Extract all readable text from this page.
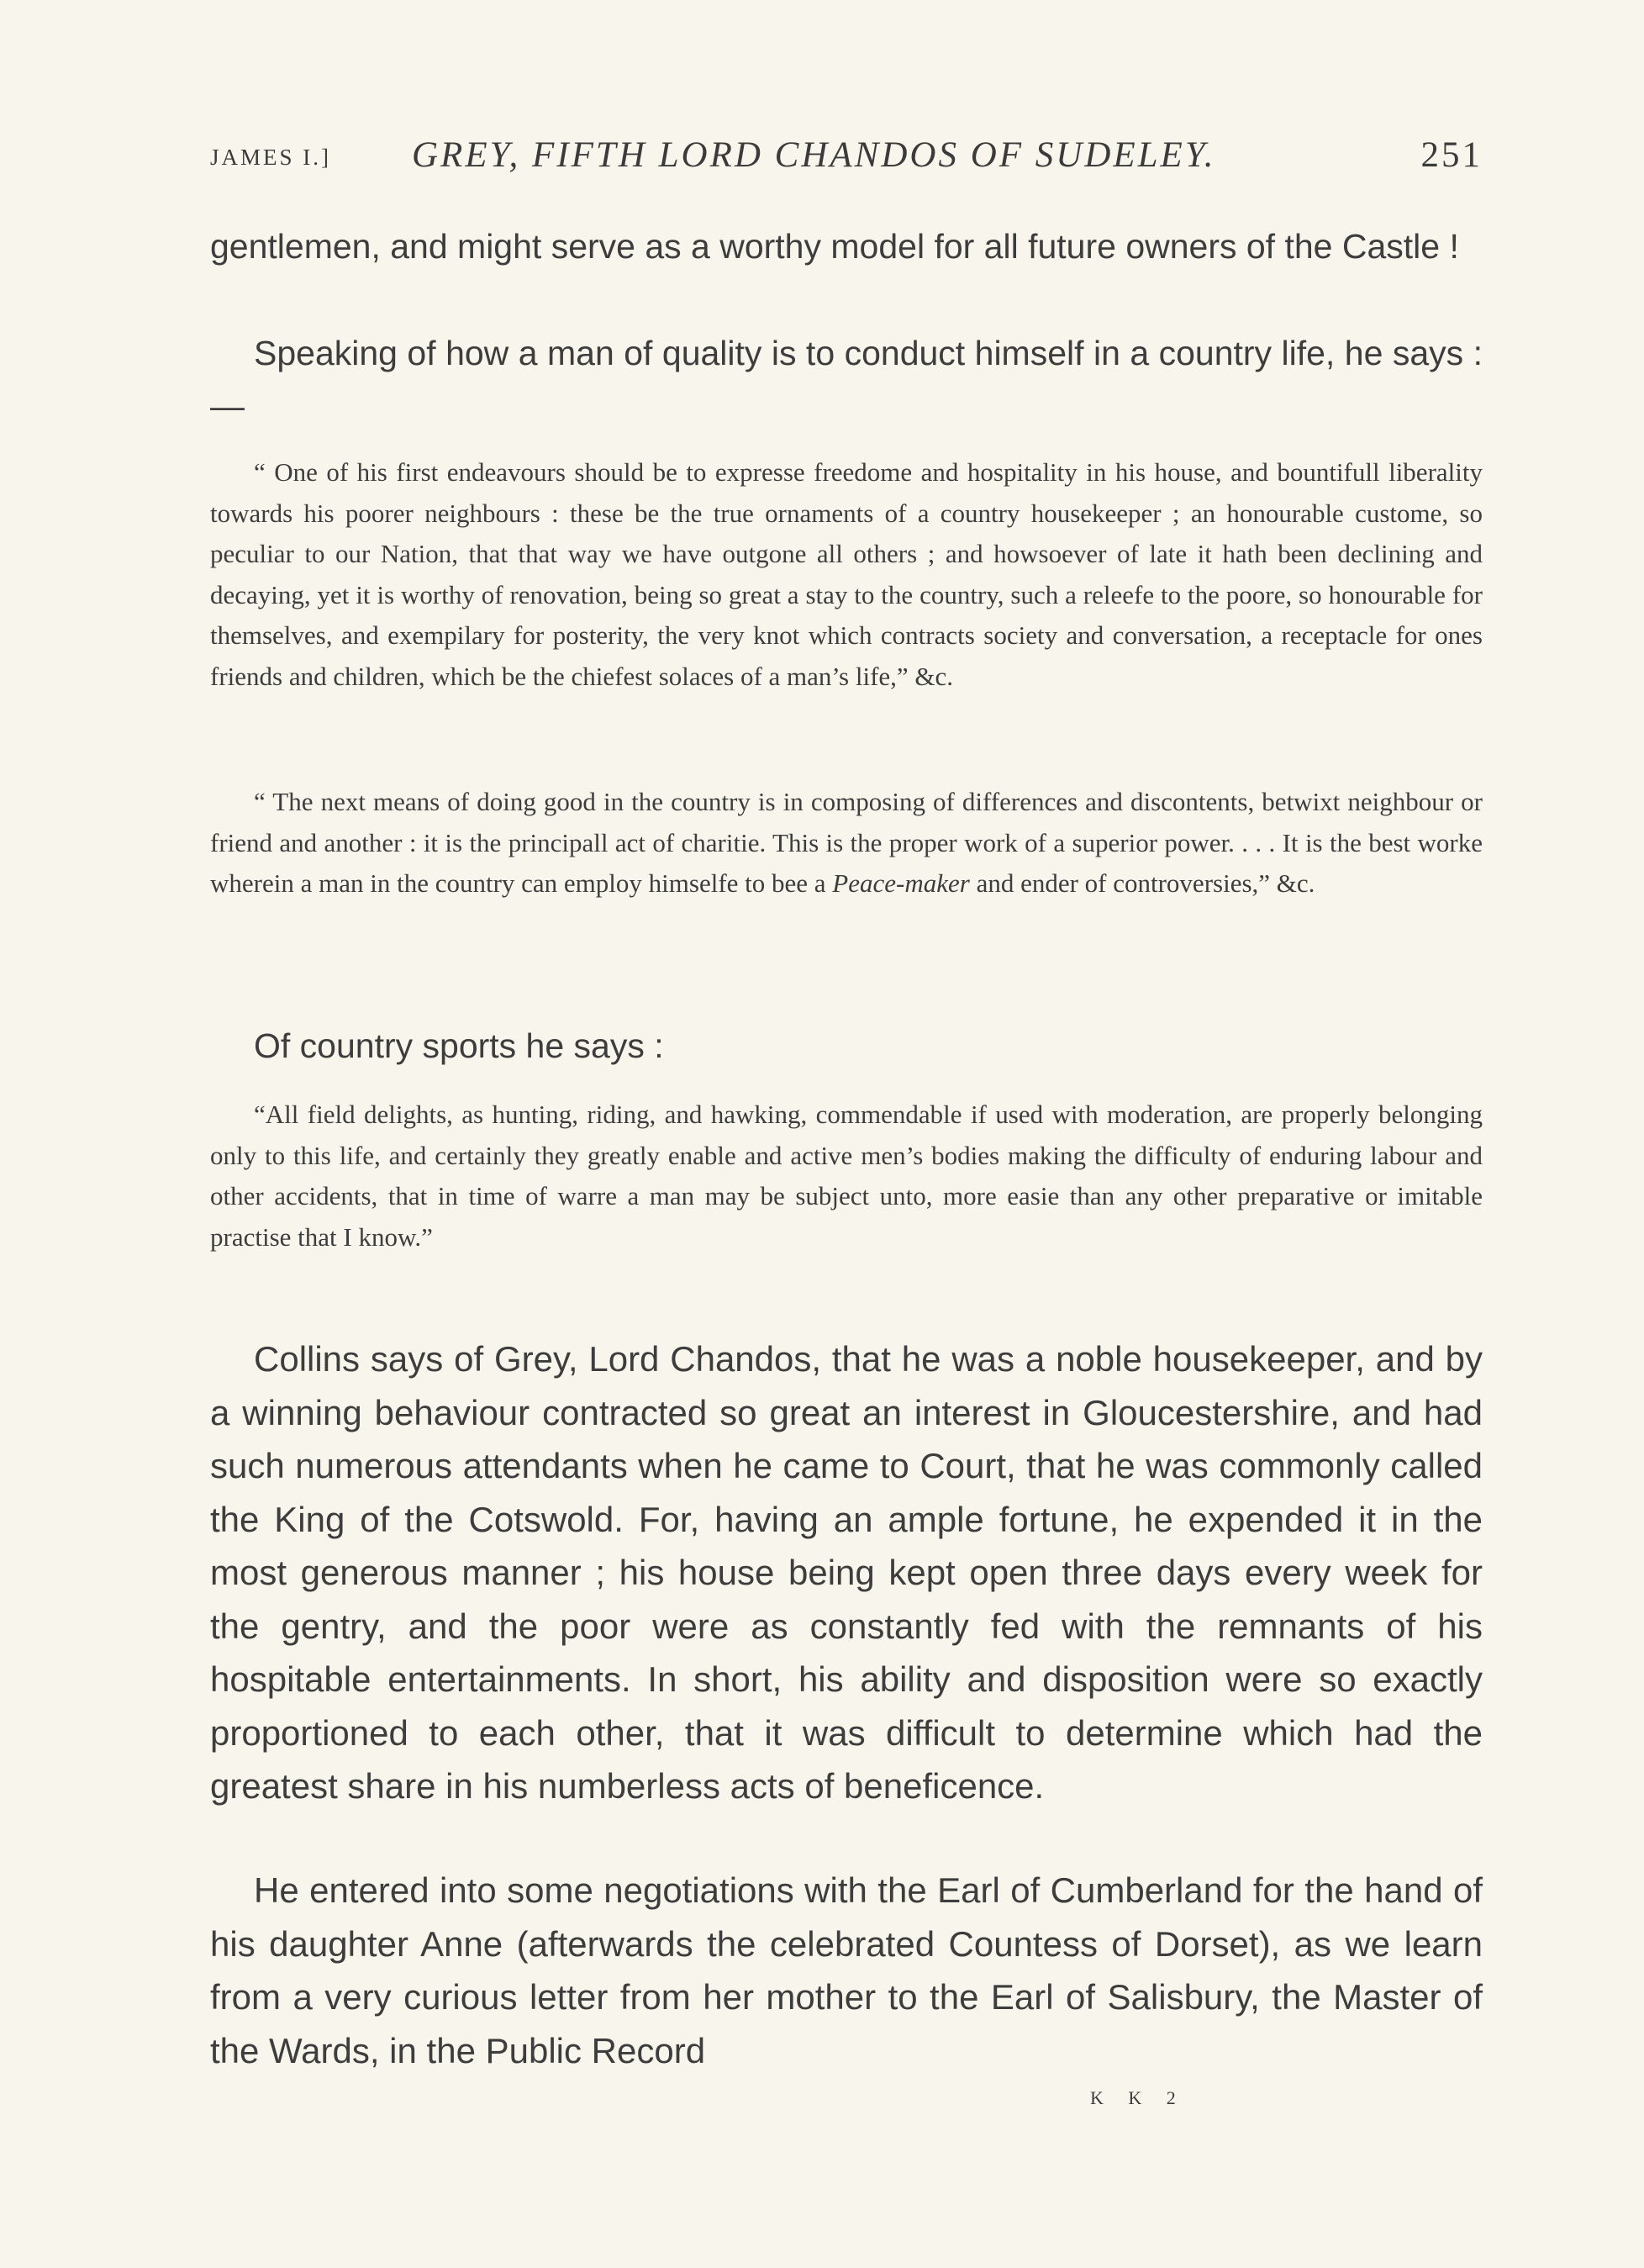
JAMES I.] GREY, FIFTH LORD CHANDOS OF SUDELEY.	251

gentlemen, and might serve as a worthy model for all future owners of the Castle !

Speaking of how a man of quality is to conduct himself in a country life, he says :—

“ One of his first endeavours should be to expresse freedome and hospitality in his house, and bountifull liberality towards his poorer neighbours : these be the true ornaments of a country housekeeper ; an honourable custome, so peculiar to our Nation, that that way we have outgone all others ; and howsoever of late it hath been declining and decaying, yet it is worthy of renovation, being so great a stay to the country, such a releefe to the poore, so honourable for themselves, and exempilary for posterity, the very knot which contracts society and conversation, a receptacle for ones friends and children, which be the chiefest solaces of a man’s life,” &c.

“ The next means of doing good in the country is in composing of differences and discontents, betwixt neighbour or friend and another : it is the principall act of charitie. This is the proper work of a superior power. . . . It is the best worke wherein a man in the country can employ himselfe to bee a Peace-maker and ender of controversies,” &c.

Of country sports he says :

“All field delights, as hunting, riding, and hawking, commendable if used with moderation, are properly belonging only to this life, and certainly they greatly enable and active men’s bodies making the difficulty of enduring labour and other accidents, that in time of warre a man may be subject unto, more easie than any other preparative or imitable practise that I know.”

Collins says of Grey, Lord Chandos, that he was a noble housekeeper, and by a winning behaviour contracted so great an interest in Gloucestershire, and had such numerous attendants when he came to Court, that he was commonly called the King of the Cotswold. For, having an ample fortune, he expended it in the most generous manner ; his house being kept open three days every week for the gentry, and the poor were as constantly fed with the remnants of his hospitable entertainments. In short, his ability and disposition were so exactly proportioned to each other, that it was difficult to determine which had the greatest share in his numberless acts of beneficence.

He entered into some negotiations with the Earl of Cumberland for the hand of his daughter Anne (afterwards the celebrated Countess of Dorset), as we learn from a very curious letter from her mother to the Earl of Salisbury, the Master of the Wards, in the Public Record

K K 2
